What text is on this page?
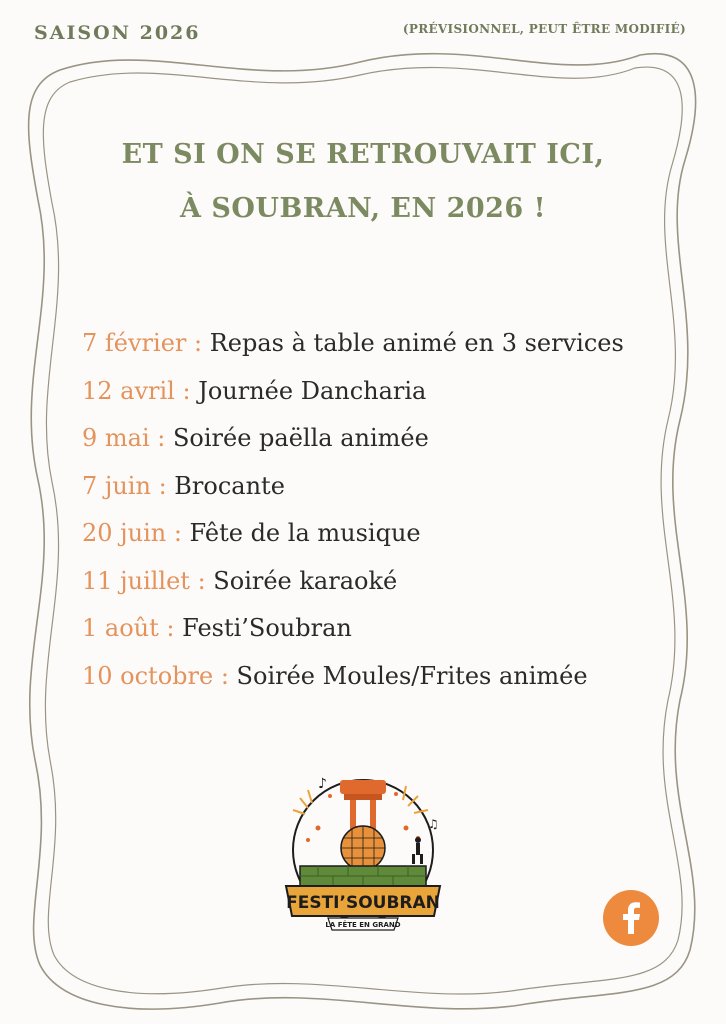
SAISON 2026	(PRÉVISIONNEL, PEUT ÊTRE MODIFIÉ)
ET SI ON SE RETROUVAIT ICI,
À SOUBRAN, EN 2026 !
7 février : Repas à table animé en 3 services
12 avril : Journée Dancharia
9 mai : Soirée paëlla animée
7 juin : Brocante
20 juin : Fête de la musique
11 juillet : Soirée karaoké
1 août : Festi’Soubran
10 octobre : Soirée Moules/Frites animée
♪
♫
FESTI’SOUBRAN
LA FÊTE EN GRAND
